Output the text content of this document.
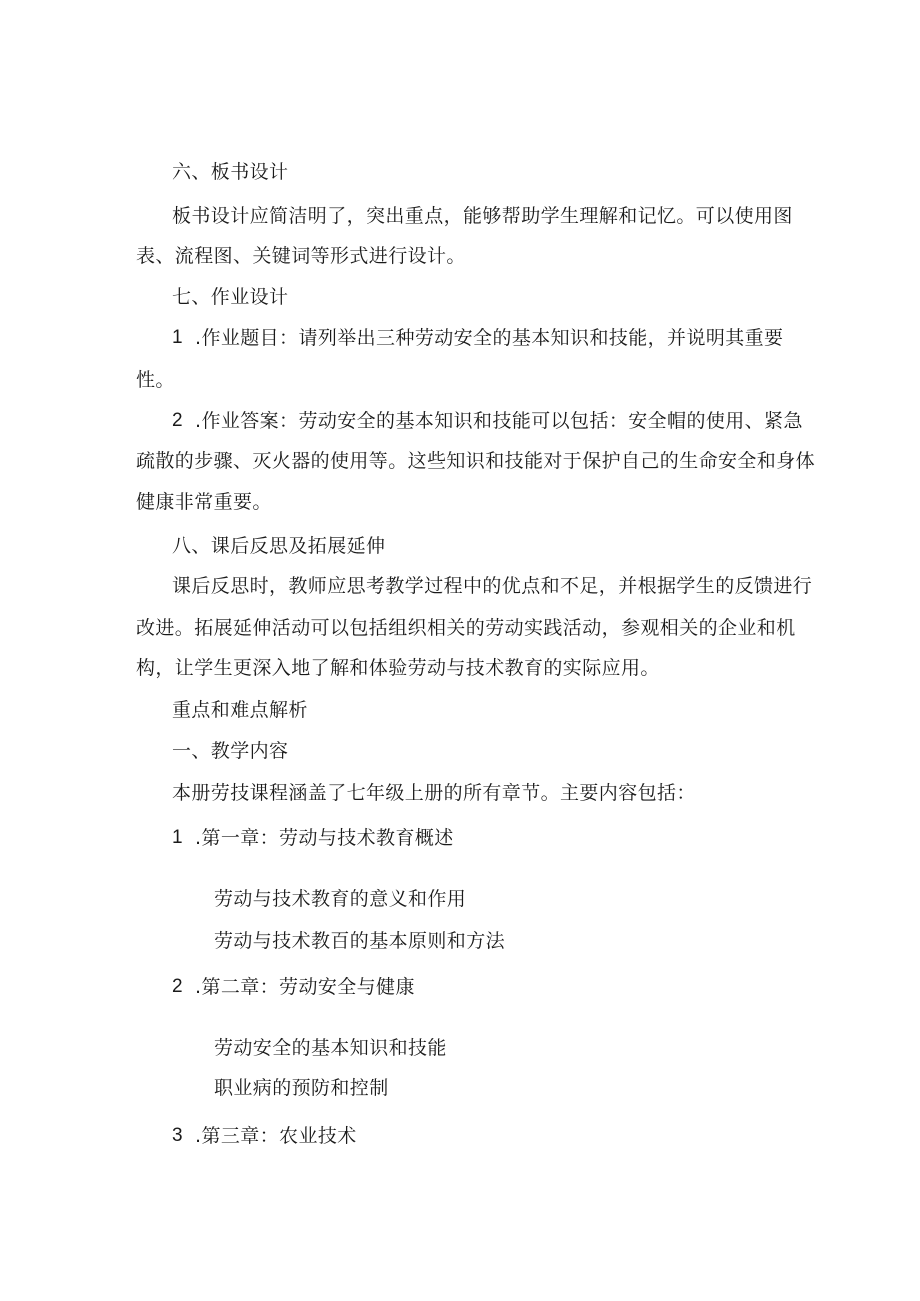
六、板书设计
板书设计应简洁明了，突出重点，能够帮助学生理解和记忆。可以使用图
表、流程图、关键词等形式进行设计。
七、作业设计
1 .作业题目：请列举出三种劳动安全的基本知识和技能，并说明其重要
性。
2 .作业答案：劳动安全的基本知识和技能可以包括：安全帽的使用、紧急
疏散的步骤、灭火器的使用等。这些知识和技能对于保护自己的生命安全和身体
健康非常重要。
八、课后反思及拓展延伸
课后反思时，教师应思考教学过程中的优点和不足，并根据学生的反馈进行
改进。拓展延伸活动可以包括组织相关的劳动实践活动，参观相关的企业和机
构，让学生更深入地了解和体验劳动与技术教育的实际应用。
重点和难点解析
一、教学内容
本册劳技课程涵盖了七年级上册的所有章节。主要内容包括：
1 .第一章：劳动与技术教育概述
劳动与技术教育的意义和作用
劳动与技术教百的基本原则和方法
2 .第二章：劳动安全与健康
劳动安全的基本知识和技能
职业病的预防和控制
3 .第三章：农业技术
